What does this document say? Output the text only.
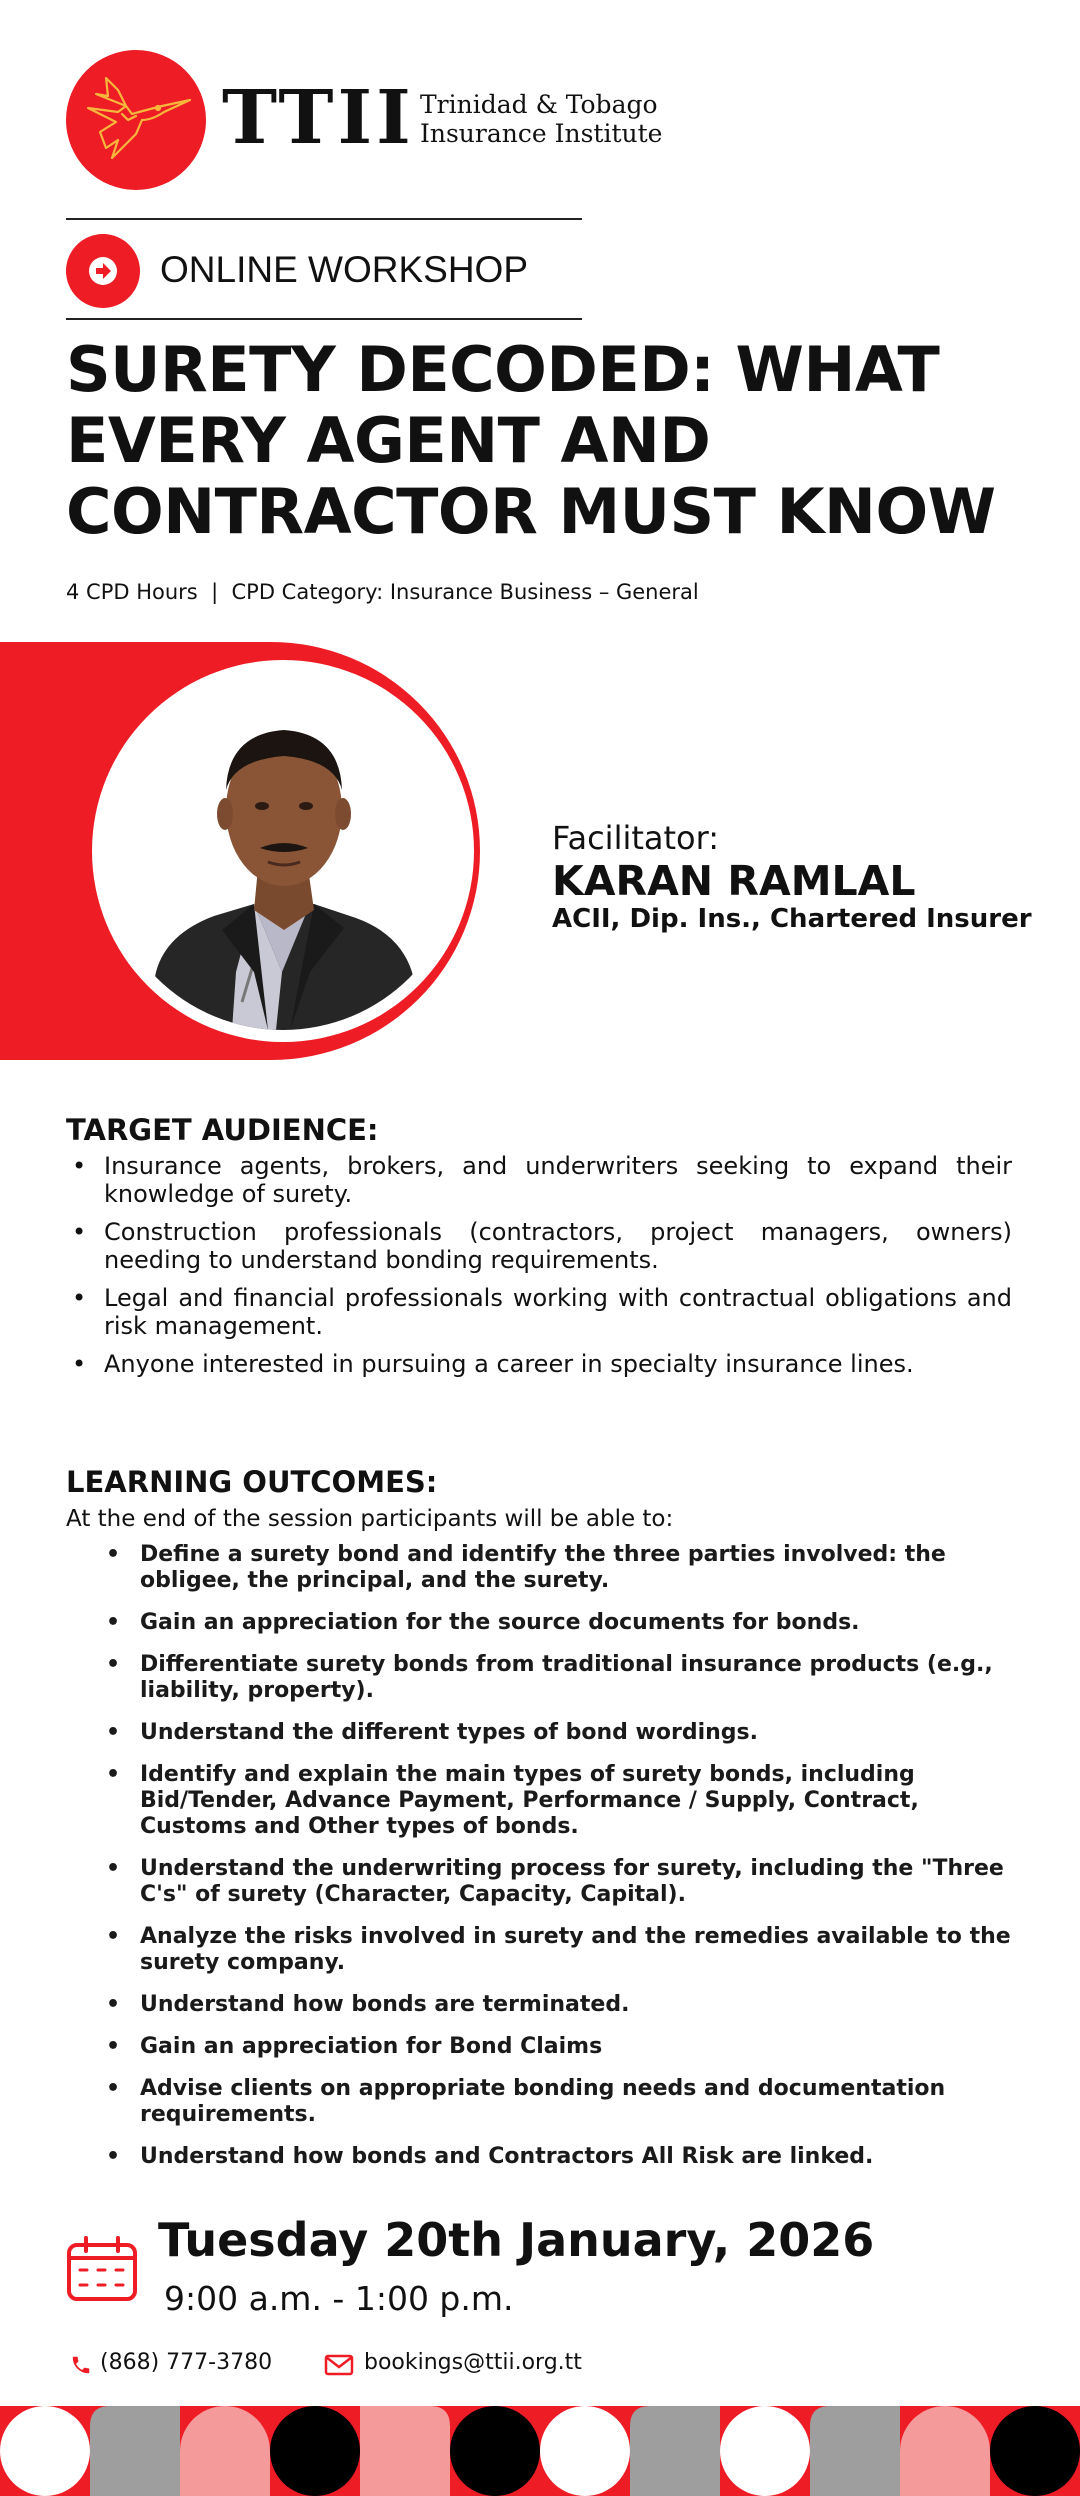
TTII Trinidad & Tobago
Insurance Institute
ONLINE WORKSHOP
SURETY DECODED: WHAT
EVERY AGENT AND
CONTRACTOR MUST KNOW
4 CPD Hours  |  CPD Category: Insurance Business – General
Facilitator:
KARAN RAMLAL
ACII, Dip. Ins., Chartered Insurer
TARGET AUDIENCE:
• Insurance agents, brokers, and underwriters seeking to expand their knowledge of surety.
• Construction professionals (contractors, project managers, owners) needing to understand bonding requirements.
• Legal and financial professionals working with contractual obligations and risk management.
• Anyone interested in pursuing a career in specialty insurance lines.
LEARNING OUTCOMES:
At the end of the session participants will be able to:
• Define a surety bond and identify the three parties involved: the obligee, the principal, and the surety.
• Gain an appreciation for the source documents for bonds.
• Differentiate surety bonds from traditional insurance products (e.g., liability, property).
• Understand the different types of bond wordings.
• Identify and explain the main types of surety bonds, including Bid/Tender, Advance Payment, Performance / Supply, Contract, Customs and Other types of bonds.
• Understand the underwriting process for surety, including the "Three C's" of surety (Character, Capacity, Capital).
• Analyze the risks involved in surety and the remedies available to the surety company.
• Understand how bonds are terminated.
• Gain an appreciation for Bond Claims
• Advise clients on appropriate bonding needs and documentation requirements.
• Understand how bonds and Contractors All Risk are linked.
Tuesday 20th January, 2026
9:00 a.m. - 1:00 p.m.
(868) 777-3780	bookings@ttii.org.tt
